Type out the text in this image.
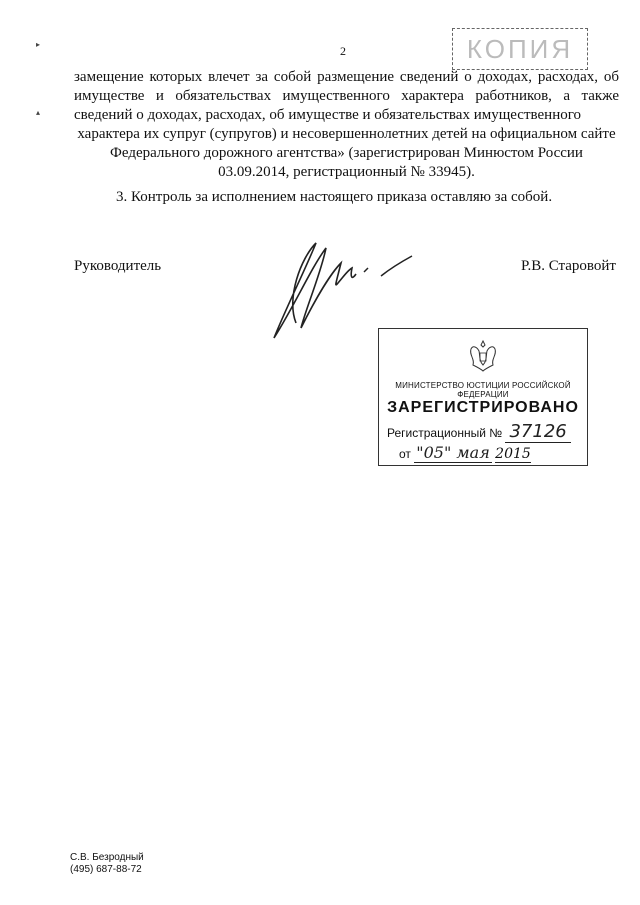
2	КОПИЯ
▸
▴

замещение которых влечет за собой размещение сведений о доходах, расходах, об имуществе и обязательствах имущественного характера работников, а также сведений о доходах, расходах, об имуществе и обязательствах имущественного

характера их супруг (супругов) и несовершеннолетних детей на официальном сайте Федерального дорожного агентства» (зарегистрирован Минюстом России 03.09.2014, регистрационный № 33945).

3. Контроль за исполнением настоящего приказа оставляю за собой.

Руководитель	Р.В. Старовойт
МИНИСТЕРСТВО ЮСТИЦИИ РОССИЙСКОЙ ФЕДЕРАЦИИ
ЗАРЕГИСТРИРОВАНО
Регистрационный № 37126
от "05" мая 2015
С.В. Безродный
(495) 687-88-72
